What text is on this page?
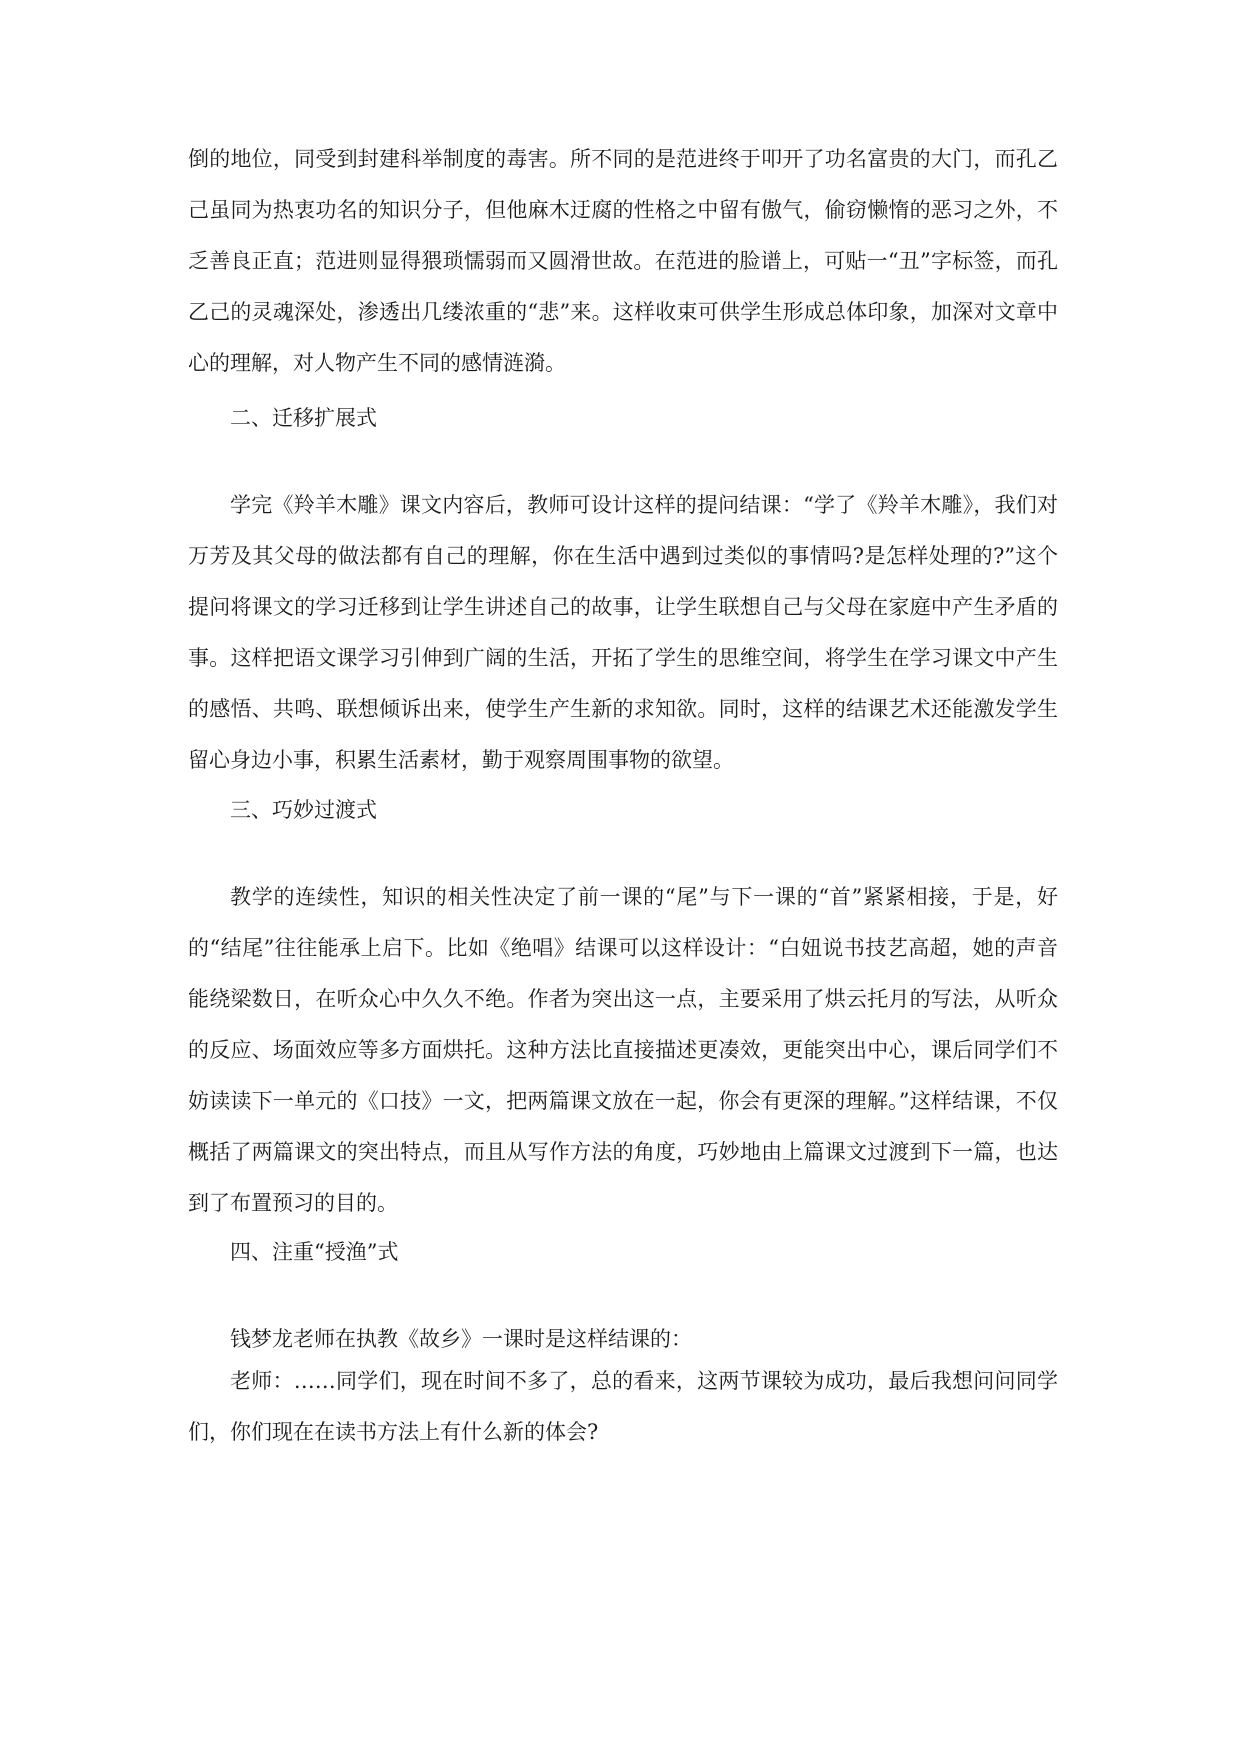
倒的地位，同受到封建科举制度的毒害。所不同的是范进终于叩开了功名富贵的大门，而孔乙己虽同为热衷功名的知识分子，但他麻木迂腐的性格之中留有傲气，偷窃懒惰的恶习之外，不乏善良正直；范进则显得猥琐懦弱而又圆滑世故。在范进的脸谱上，可贴一“丑”字标签，而孔乙己的灵魂深处，渗透出几缕浓重的“悲”来。这样收束可供学生形成总体印象，加深对文章中心的理解，对人物产生不同的感情涟漪。

二、迁移扩展式

学完《羚羊木雕》课文内容后，教师可设计这样的提问结课：“学了《羚羊木雕》，我们对万芳及其父母的做法都有自己的理解，你在生活中遇到过类似的事情吗?是怎样处理的?”这个提问将课文的学习迁移到让学生讲述自己的故事，让学生联想自己与父母在家庭中产生矛盾的事。这样把语文课学习引伸到广阔的生活，开拓了学生的思维空间，将学生在学习课文中产生的感悟、共鸣、联想倾诉出来，使学生产生新的求知欲。同时，这样的结课艺术还能激发学生留心身边小事，积累生活素材，勤于观察周围事物的欲望。

三、巧妙过渡式

教学的连续性，知识的相关性决定了前一课的“尾”与下一课的“首”紧紧相接，于是，好的“结尾”往往能承上启下。比如《绝唱》结课可以这样设计：“白妞说书技艺高超，她的声音能绕梁数日，在听众心中久久不绝。作者为突出这一点，主要采用了烘云托月的写法，从听众的反应、场面效应等多方面烘托。这种方法比直接描述更凑效，更能突出中心，课后同学们不妨读读下一单元的《口技》一文，把两篇课文放在一起，你会有更深的理解。”这样结课，不仅概括了两篇课文的突出特点，而且从写作方法的角度，巧妙地由上篇课文过渡到下一篇，也达到了布置预习的目的。

四、注重“授渔”式

钱梦龙老师在执教《故乡》一课时是这样结课的：

老师：……同学们，现在时间不多了，总的看来，这两节课较为成功，最后我想问问同学们，你们现在在读书方法上有什么新的体会?
